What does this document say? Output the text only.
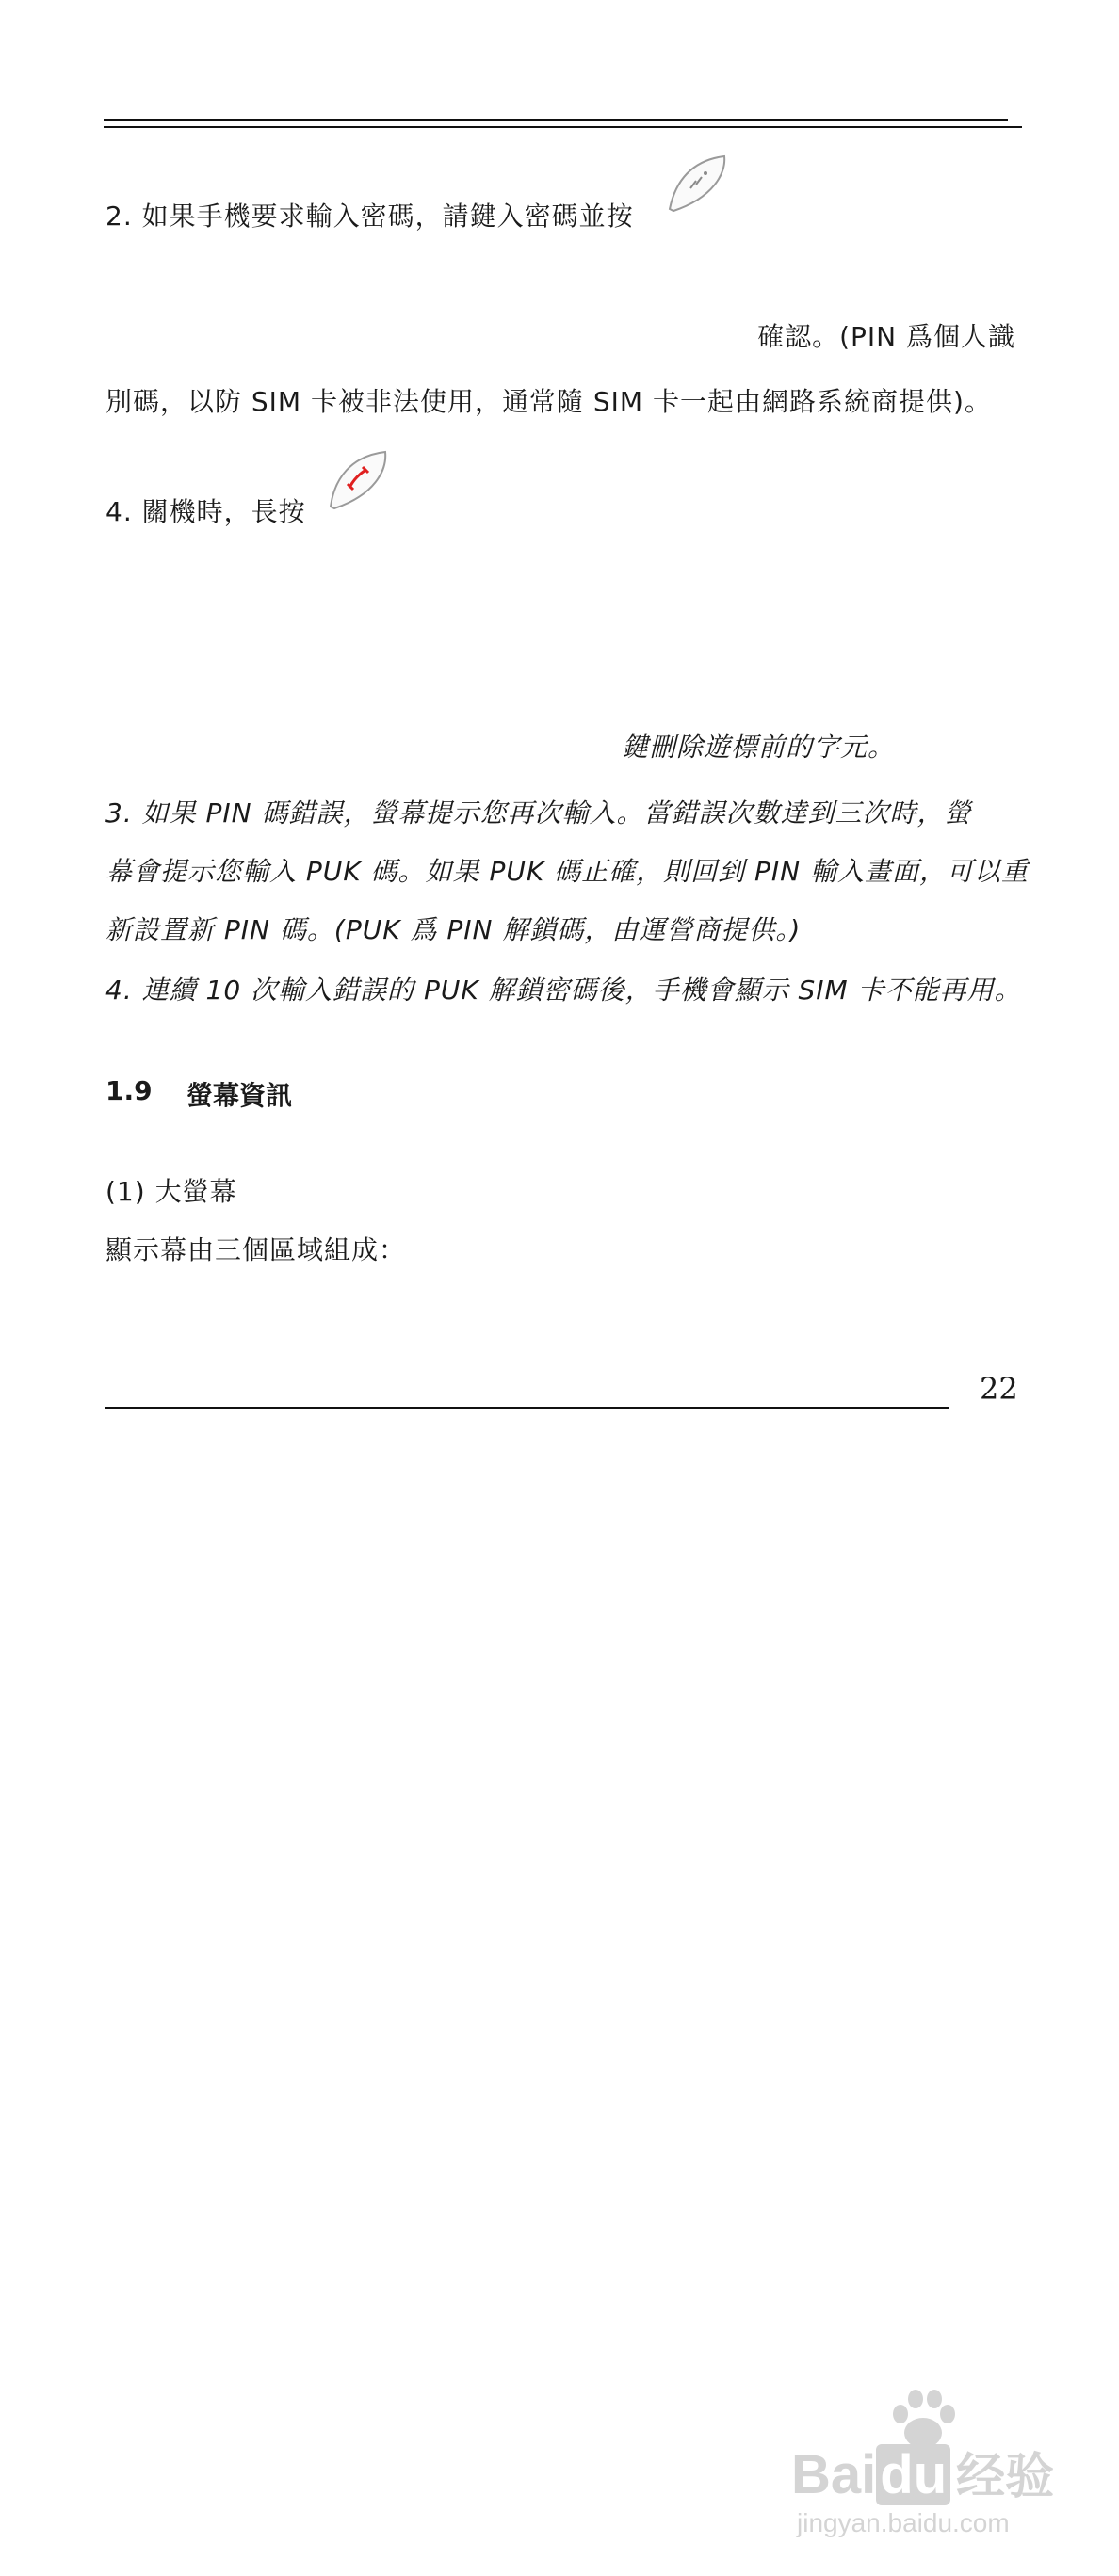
2. 如果手機要求輸入密碼，請鍵入密碼並按
確認。(PIN 爲個人識
別碼，以防 SIM 卡被非法使用，通常隨 SIM 卡一起由網路系統商提供)。
4. 關機時，長按
鍵刪除遊標前的字元。
3. 如果 PIN 碼錯誤，螢幕提示您再次輸入。當錯誤次數達到三次時，螢
幕會提示您輸入 PUK 碼。如果 PUK 碼正確，則回到 PIN 輸入畫面，可以重
新設置新 PIN 碼。(PUK 爲 PIN 解鎖碼，由運營商提供。)
4. 連續 10 次輸入錯誤的 PUK 解鎖密碼後，手機會顯示 SIM 卡不能再用。
1.9 螢幕資訊
(1) 大螢幕
顯示幕由三個區域組成：
22
Baidu 经验
jingyan.baidu.com
